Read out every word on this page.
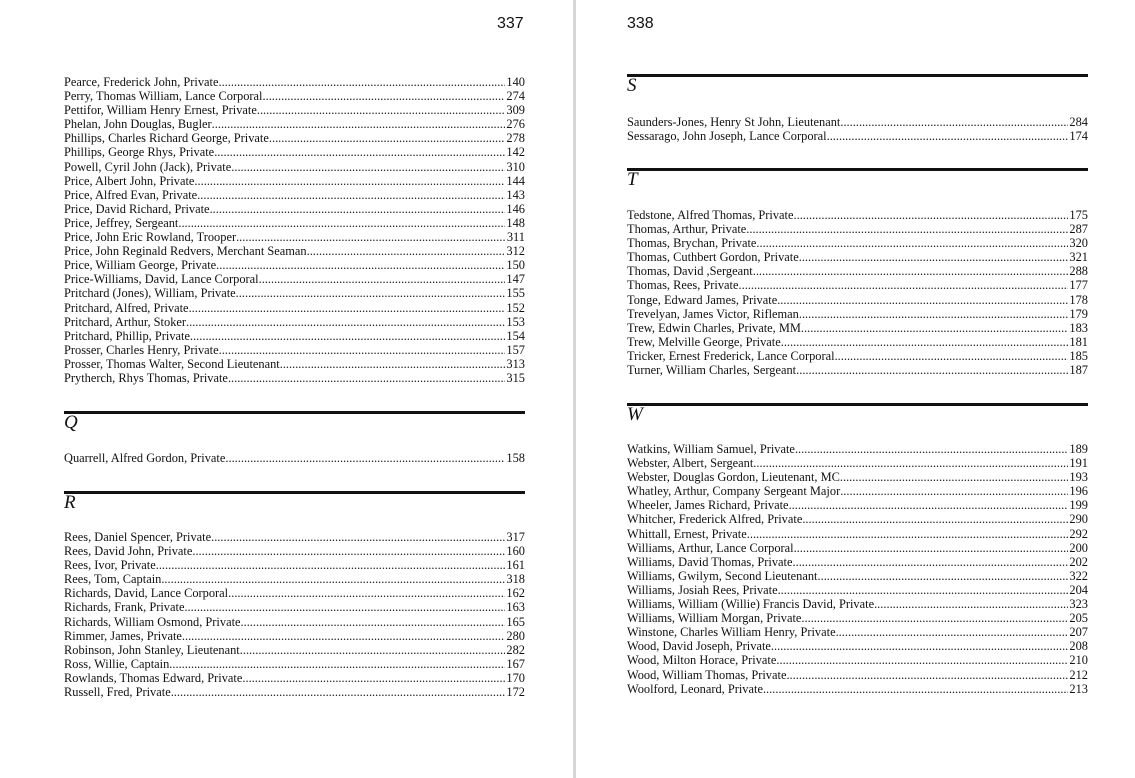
337
Pearce, Frederick John, Private .....	140
Perry, Thomas William, Lance Corporal .....	274
Pettifor, William Henry Ernest, Private .....	309
Phelan, John Douglas, Bugler .....	276
Phillips, Charles Richard George, Private .....	278
Phillips, George Rhys, Private .....	142
Powell, Cyril John (Jack), Private .....	310
Price, Albert John, Private .....	144
Price, Alfred Evan, Private .....	143
Price, David Richard, Private .....	146
Price, Jeffrey, Sergeant .....	148
Price, John Eric Rowland, Trooper .....	311
Price, John Reginald Redvers, Merchant Seaman .....	312
Price, William George, Private .....	150
Price-Williams, David, Lance Corporal .....	147
Pritchard (Jones), William, Private .....	155
Pritchard, Alfred, Private .....	152
Pritchard, Arthur, Stoker .....	153
Pritchard, Phillip, Private .....	154
Prosser, Charles Henry, Private .....	157
Prosser, Thomas Walter, Second Lieutenant .....	313
Prytherch, Rhys Thomas, Private .....	315
Q
Quarrell, Alfred Gordon, Private .....	158
R
Rees, Daniel Spencer, Private .....	317
Rees, David John, Private .....	160
Rees, Ivor, Private .....	161
Rees, Tom, Captain .....	318
Richards, David, Lance Corporal .....	162
Richards, Frank, Private .....	163
Richards, William Osmond, Private .....	165
Rimmer, James, Private .....	280
Robinson, John Stanley, Lieutenant .....	282
Ross, Willie, Captain .....	167
Rowlands, Thomas Edward, Private .....	170
Russell, Fred, Private .....	172
338
S
Saunders-Jones, Henry St John, Lieutenant .....	284
Sessarago, John Joseph, Lance Corporal .....	174
T
Tedstone, Alfred Thomas, Private .....	175
Thomas, Arthur, Private .....	287
Thomas, Brychan, Private .....	320
Thomas, Cuthbert Gordon, Private .....	321
Thomas, David ,Sergeant .....	288
Thomas, Rees, Private .....	177
Tonge, Edward James, Private .....	178
Trevelyan, James Victor, Rifleman .....	179
Trew, Edwin Charles, Private, MM .....	183
Trew, Melville George, Private .....	181
Tricker, Ernest Frederick, Lance Corporal .....	185
Turner, William Charles, Sergeant .....	187
W
Watkins, William Samuel, Private .....	189
Webster, Albert, Sergeant .....	191
Webster, Douglas Gordon, Lieutenant, MC .....	193
Whatley, Arthur, Company Sergeant Major .....	196
Wheeler, James Richard, Private .....	199
Whitcher, Frederick Alfred, Private .....	290
Whittall, Ernest, Private .....	292
Williams, Arthur, Lance Corporal .....	200
Williams, David Thomas, Private .....	202
Williams, Gwilym, Second Lieutenant .....	322
Williams, Josiah Rees, Private .....	204
Williams, William (Willie) Francis David, Private .....	323
Williams, William Morgan, Private .....	205
Winstone, Charles William Henry, Private .....	207
Wood, David Joseph, Private .....	208
Wood, Milton Horace, Private .....	210
Wood, William Thomas, Private .....	212
Woolford, Leonard, Private .....	213
